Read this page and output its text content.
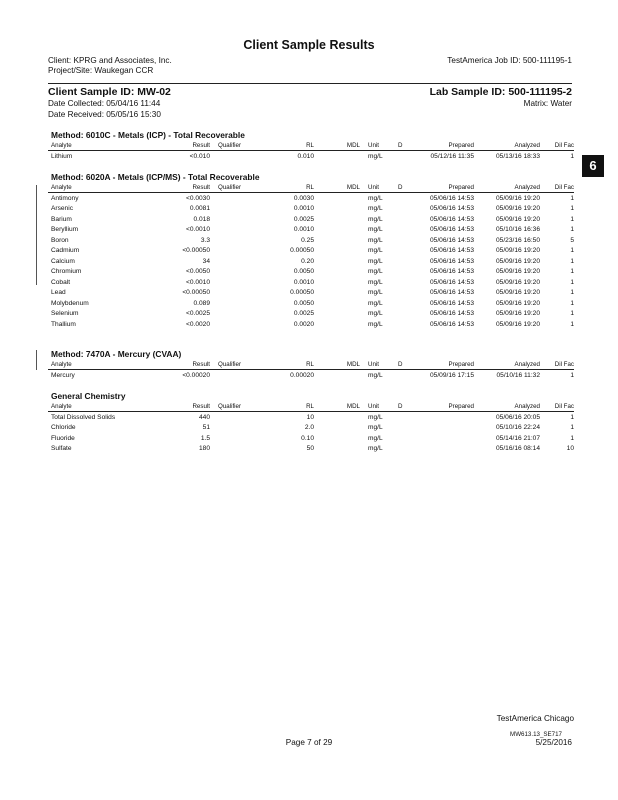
Client Sample Results
Client: KPRG and Associates, Inc.
Project/Site: Waukegan CCR
TestAmerica Job ID: 500-111195-1
Client Sample ID: MW-02	Lab Sample ID: 500-111195-2
Date Collected: 05/04/16 11:44	Matrix: Water
Date Received: 05/05/16 15:30
6
Method: 6010C - Metals (ICP) - Total Recoverable
Analyte	Result	Qualifier	RL	MDL	Unit	D	Prepared	Analyzed	Dil Fac
Lithium	<0.010		0.010		mg/L		05/12/16 11:35	05/13/16 18:33	1
Method: 6020A - Metals (ICP/MS) - Total Recoverable
Analyte	Result	Qualifier	RL	MDL	Unit	D	Prepared	Analyzed	Dil Fac
Antimony	<0.0030		0.0030		mg/L		05/06/16 14:53	05/09/16 19:20	1
Arsenic	0.0081		0.0010		mg/L		05/06/16 14:53	05/09/16 19:20	1
Barium	0.018		0.0025		mg/L		05/06/16 14:53	05/09/16 19:20	1
Beryllium	<0.0010		0.0010		mg/L		05/06/16 14:53	05/10/16 16:36	1
Boron	3.3		0.25		mg/L		05/06/16 14:53	05/23/16 16:50	5
Cadmium	<0.00050		0.00050		mg/L		05/06/16 14:53	05/09/16 19:20	1
Calcium	34		0.20		mg/L		05/06/16 14:53	05/09/16 19:20	1
Chromium	<0.0050		0.0050		mg/L		05/06/16 14:53	05/09/16 19:20	1
Cobalt	<0.0010		0.0010		mg/L		05/06/16 14:53	05/09/16 19:20	1
Lead	<0.00050		0.00050		mg/L		05/06/16 14:53	05/09/16 19:20	1
Molybdenum	0.089		0.0050		mg/L		05/06/16 14:53	05/09/16 19:20	1
Selenium	<0.0025		0.0025		mg/L		05/06/16 14:53	05/09/16 19:20	1
Thallium	<0.0020		0.0020		mg/L		05/06/16 14:53	05/09/16 19:20	1
Method: 7470A - Mercury (CVAA)
Analyte	Result	Qualifier	RL	MDL	Unit	D	Prepared	Analyzed	Dil Fac
Mercury	<0.00020		0.00020		mg/L		05/09/16 17:15	05/10/16 11:32	1
General Chemistry
Analyte	Result	Qualifier	RL	MDL	Unit	D	Prepared	Analyzed	Dil Fac
Total Dissolved Solids	440		10		mg/L			05/06/16 20:05	1
Chloride	51		2.0		mg/L			05/10/16 22:24	1
Fluoride	1.5		0.10		mg/L			05/14/16 21:07	1
Sulfate	180		50		mg/L			05/16/16 08:14	10
TestAmerica Chicago
MW613.13_SE717
Page 7 of 29	5/25/2016
